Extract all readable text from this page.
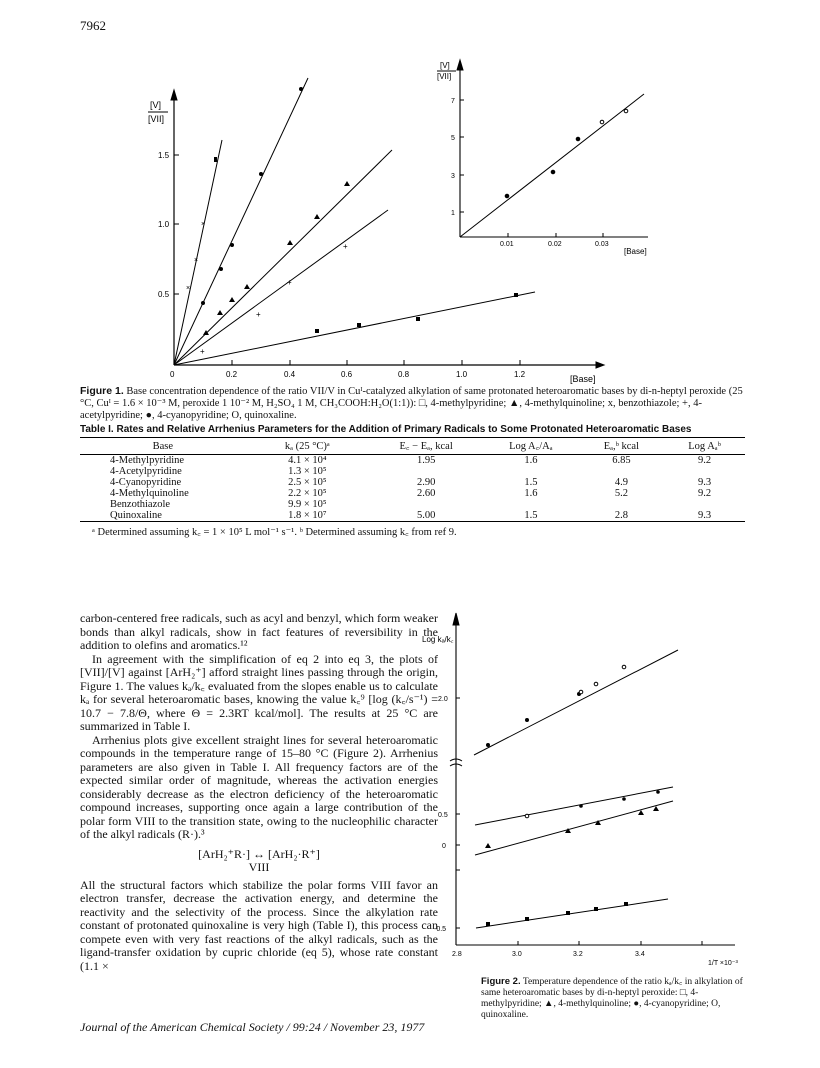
7962
×
×
×
+
+
+
+
[V]
[VII]
0.5
1.0
1.5
0	0.2	0.4	0.6	0.8	1.0	1.2	[Base]
[V]
[VII]
1
3
5
7
0.01	0.02	0.03
[Base]
Figure 1. Base concentration dependence of the ratio VII/V in Cuᴵ-catalyzed alkylation of same protonated heteroaromatic bases by di-n-heptyl peroxide (25 °C, Cuᴵ = 1.6 × 10⁻³ M, peroxide 1 10⁻² M, H₂SO₄ 1 M, CH₃COOH:H₂O(1:1)): □, 4-methylpyridine; ▲, 4-methylquinoline; x, benzothiazole; +, 4-acetylpyridine; ●, 4-cyanopyridine; O, quinoxaline.
Table I. Rates and Relative Arrhenius Parameters for the Addition of Primary Radicals to Some Protonated Heteroaromatic Bases
Base	kₐ (25 °C)ᵃ	E꜀ − Eₐ, kcal	Log A꜀/Aₐ	Eₐ,ᵇ kcal	Log Aₐᵇ
4-Methylpyridine	4.1 × 10⁴	1.95	1.6	6.85	9.2
4-Acetylpyridine	1.3 × 10⁵				
4-Cyanopyridine	2.5 × 10⁵	2.90	1.5	4.9	9.3
4-Methylquinoline	2.2 × 10⁵	2.60	1.6	5.2	9.2
Benzothiazole	9.9 × 10⁵				
Quinoxaline	1.8 × 10⁷	5.00	1.5	2.8	9.3
ᵃ Determined assuming k꜀ = 1 × 10⁵ L mol⁻¹ s⁻¹. ᵇ Determined assuming k꜀ from ref 9.

carbon-centered free radicals, such as acyl and benzyl, which form weaker bonds than alkyl radicals, show in fact features of reversibility in the addition to olefins and aromatics.¹²

In agreement with the simplification of eq 2 into eq 3, the plots of [VII]/[V] against [ArH₂⁺] afford straight lines passing through the origin, Figure 1. The values kₐ/k꜀ evaluated from the slopes enable us to calculate kₐ for several heteroaromatic bases, knowing the value k꜀⁹ [log (k꜀/s⁻¹) = 10.7 − 7.8/Θ, where Θ = 2.3RT kcal/mol]. The results at 25 °C are summarized in Table I.

Arrhenius plots give excellent straight lines for several heteroaromatic compounds in the temperature range of 15–80 °C (Figure 2). Arrhenius parameters are also given in Table I. All frequency factors are of the expected similar order of magnitude, whereas the activation energies considerably decrease as the electron deficiency of the heteroaromatic compound increases, supporting once again a large contribution of the polar form VIII to the transition state, owing to the nucleophilic character of the alkyl radicals (R·).³

[ArH₂⁺R·] ↔ [ArH₂·R⁺]
VIII

All the structural factors which stabilize the polar forms VIII favor an electron transfer, decrease the activation energy, and determine the reactivity and the selectivity of the process. Since the alkylation rate constant of protonated quinoxaline is very high (Table I), this process can compete even with very fast reactions of the alkyl radicals, such as the ligand-transfer oxidation by cupric chloride (eq 5), whose rate constant (1.1 ×

Log kₐ/k꜀
2.0
0.5
0
-0.5
2.8	3.0	3.2	3.4
1/T ×10⁻³
Figure 2. Temperature dependence of the ratio kₐ/k꜀ in alkylation of same heteroaromatic bases by di-n-heptyl peroxide: □, 4-methylpyridine; ▲, 4-methylquinoline; ●, 4-cyanopyridine; O, quinoxaline.
Journal of the American Chemical Society / 99:24 / November 23, 1977
